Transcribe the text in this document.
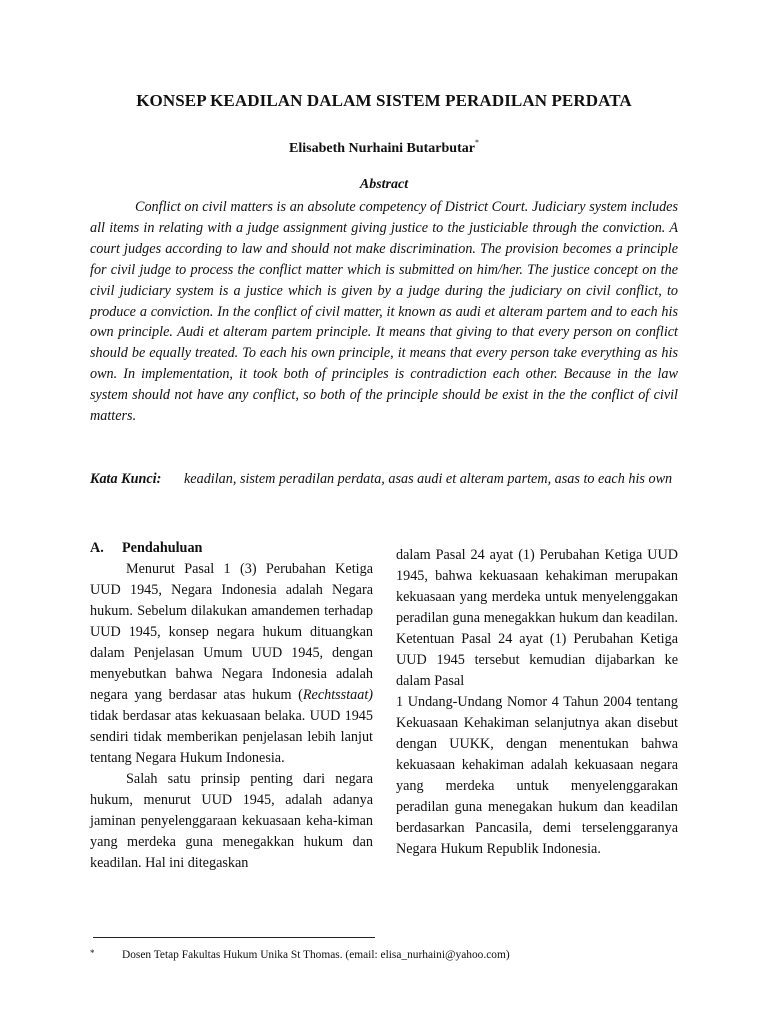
KONSEP KEADILAN DALAM SISTEM PERADILAN PERDATA
Elisabeth Nurhaini Butarbutar*
Abstract

Conflict on civil matters is an absolute competency of District Court. Judiciary system includes all items in relating with a judge assignment giving justice to the justiciable through the conviction. A court judges according to law and should not make discrimination. The provision becomes a principle for civil judge to process the conflict matter which is submitted on him/her. The justice concept on the civil judiciary system is a justice which is given by a judge during the judiciary on civil conflict, to produce a conviction. In the conflict of civil matter, it known as audi et alteram partem and to each his own principle. Audi et alteram partem principle. It means that giving to that every person on conflict should be equally treated. To each his own principle, it means that every person take everything as his own. In implementation, it took both of principles is contradiction each other. Because in the law system should not have any conflict, so both of the principle should be exist in the the conflict of civil matters.

Kata Kunci: keadilan, sistem peradilan perdata, asas audi et alteram partem, asas to each his own

A. Pendahuluan

Menurut Pasal 1 (3) Perubahan Ketiga UUD 1945, Negara Indonesia adalah Negara hukum. Sebelum dilakukan amandemen terhadap UUD 1945, konsep negara hukum dituangkan dalam Penjelasan Umum UUD 1945, dengan menyebutkan bahwa Negara Indonesia adalah negara yang berdasar atas hukum (Rechtsstaat) tidak berdasar atas kekuasaan belaka. UUD 1945 sendiri tidak memberikan penjelasan lebih lanjut tentang Negara Hukum Indonesia.

Salah satu prinsip penting dari negara hukum, menurut UUD 1945, adalah adanya jaminan penyelenggaraan kekuasaan keha-kiman yang merdeka guna menegakkan hukum dan keadilan. Hal ini ditegaskan

dalam Pasal 24 ayat (1) Perubahan Ketiga UUD 1945, bahwa kekuasaan kehakiman merupakan kekuasaan yang merdeka untuk menyelenggakan peradilan guna menegakkan hukum dan keadilan. Ketentuan Pasal 24 ayat (1) Perubahan Ketiga UUD 1945 tersebut kemudian dijabarkan ke dalam Pasal

1 Undang-Undang Nomor 4 Tahun 2004 tentang Kekuasaan Kehakiman selanjutnya akan disebut dengan UUKK, dengan menentukan bahwa kekuasaan kehakiman adalah kekuasaan negara yang merdeka untuk menyelenggarakan peradilan guna menegakan hukum dan keadilan berdasarkan Pancasila, demi terselenggaranya Negara Hukum Republik Indonesia.

* Dosen Tetap Fakultas Hukum Unika St Thomas. (email: elisa_nurhaini@yahoo.com)
